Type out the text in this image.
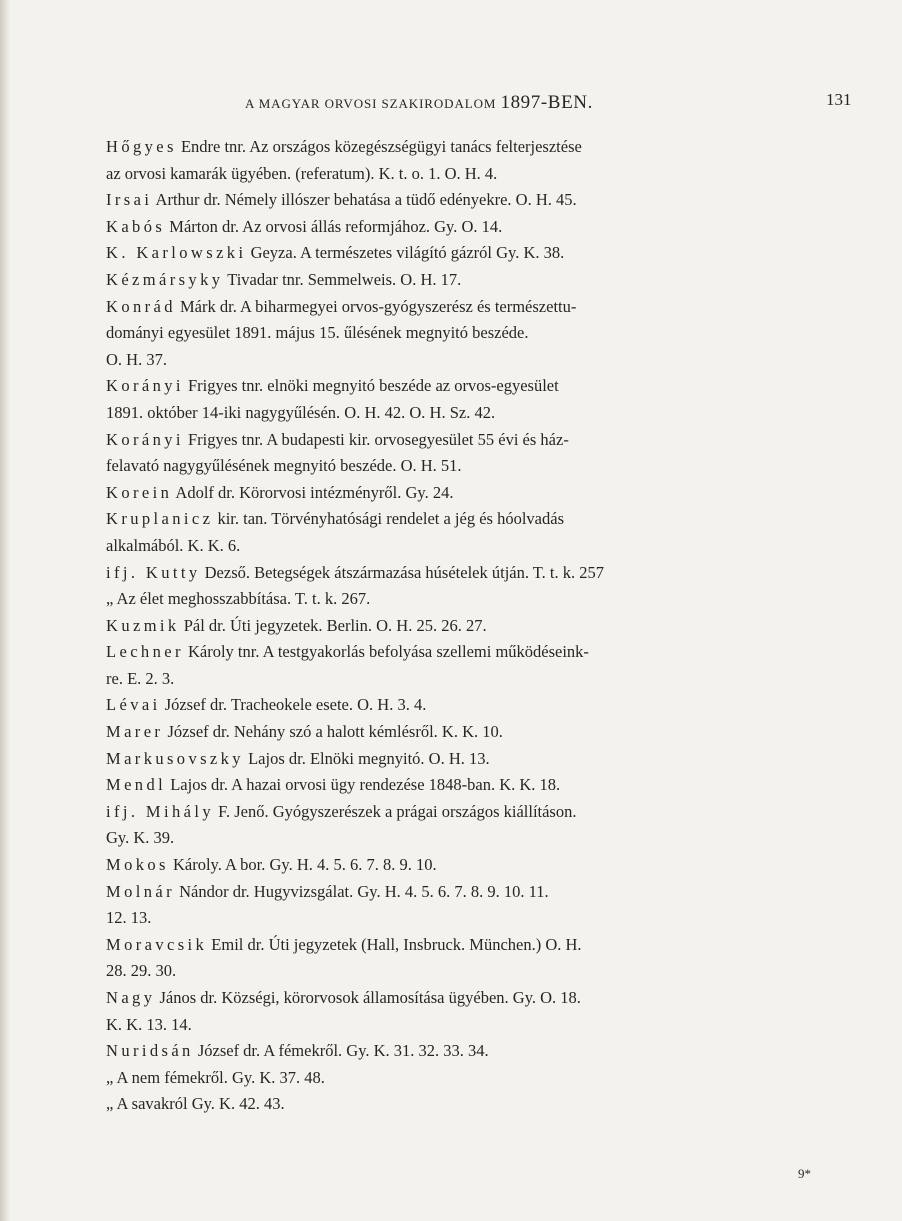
A MAGYAR ORVOSI SZAKIRODALOM 1897-BEN.	131
Hőgyes Endre tnr. Az országos közegészségügyi tanács felterjesztése
az orvosi kamarák ügyében. (referatum). K. t. o. 1. O. H. 4.
Irsai Arthur dr. Némely illószer behatása a tüdő edényekre. O. H. 45.
Kabós Márton dr. Az orvosi állás reformjához. Gy. O. 14.
K. Karlowszki Geyza. A természetes világító gázról Gy. K. 38.
Kézmársyky Tivadar tnr. Semmelweis. O. H. 17.
Konrád Márk dr. A biharmegyei orvos-gyógyszerész és természettu-
dományi egyesület 1891. május 15. űlésének megnyitó beszéde.
O. H. 37.
Korányi Frigyes tnr. elnöki megnyitó beszéde az orvos-egyesület
1891. október 14-iki nagygyűlésén. O. H. 42. O. H. Sz. 42.
Korányi Frigyes tnr. A budapesti kir. orvosegyesület 55 évi és ház-
felavató nagygyűlésének megnyitó beszéde. O. H. 51.
Korein Adolf dr. Körorvosi intézményről. Gy. 24.
Kruplanicz kir. tan. Törvényhatósági rendelet a jég és hóolvadás
alkalmából. K. K. 6.
ifj. Kutty Dezső. Betegségek átszármazása húsételek útján. T. t. k. 257
„ Az élet meghosszabbítása. T. t. k. 267.
Kuzmik Pál dr. Úti jegyzetek. Berlin. O. H. 25. 26. 27.
Lechner Károly tnr. A testgyakorlás befolyása szellemi működéseink-
re. E. 2. 3.
Lévai József dr. Tracheokele esete. O. H. 3. 4.
Marer József dr. Nehány szó a halott kémlésről. K. K. 10.
Markusovszky Lajos dr. Elnöki megnyitó. O. H. 13.
Mendl Lajos dr. A hazai orvosi ügy rendezése 1848-ban. K. K. 18.
ifj. Mihály F. Jenő. Gyógyszerészek a prágai országos kiállításon.
Gy. K. 39.
Mokos Károly. A bor. Gy. H. 4. 5. 6. 7. 8. 9. 10.
Molnár Nándor dr. Hugyvizsgálat. Gy. H. 4. 5. 6. 7. 8. 9. 10. 11.
12. 13.
Moravcsik Emil dr. Úti jegyzetek (Hall, Insbruck. München.) O. H.
28. 29. 30.
Nagy János dr. Községi, körorvosok államosítása ügyében. Gy. O. 18.
K. K. 13. 14.
Nuridsán József dr. A fémekről. Gy. K. 31. 32. 33. 34.
„ A nem fémekről. Gy. K. 37. 48.
„ A savakról Gy. K. 42. 43.
9*
